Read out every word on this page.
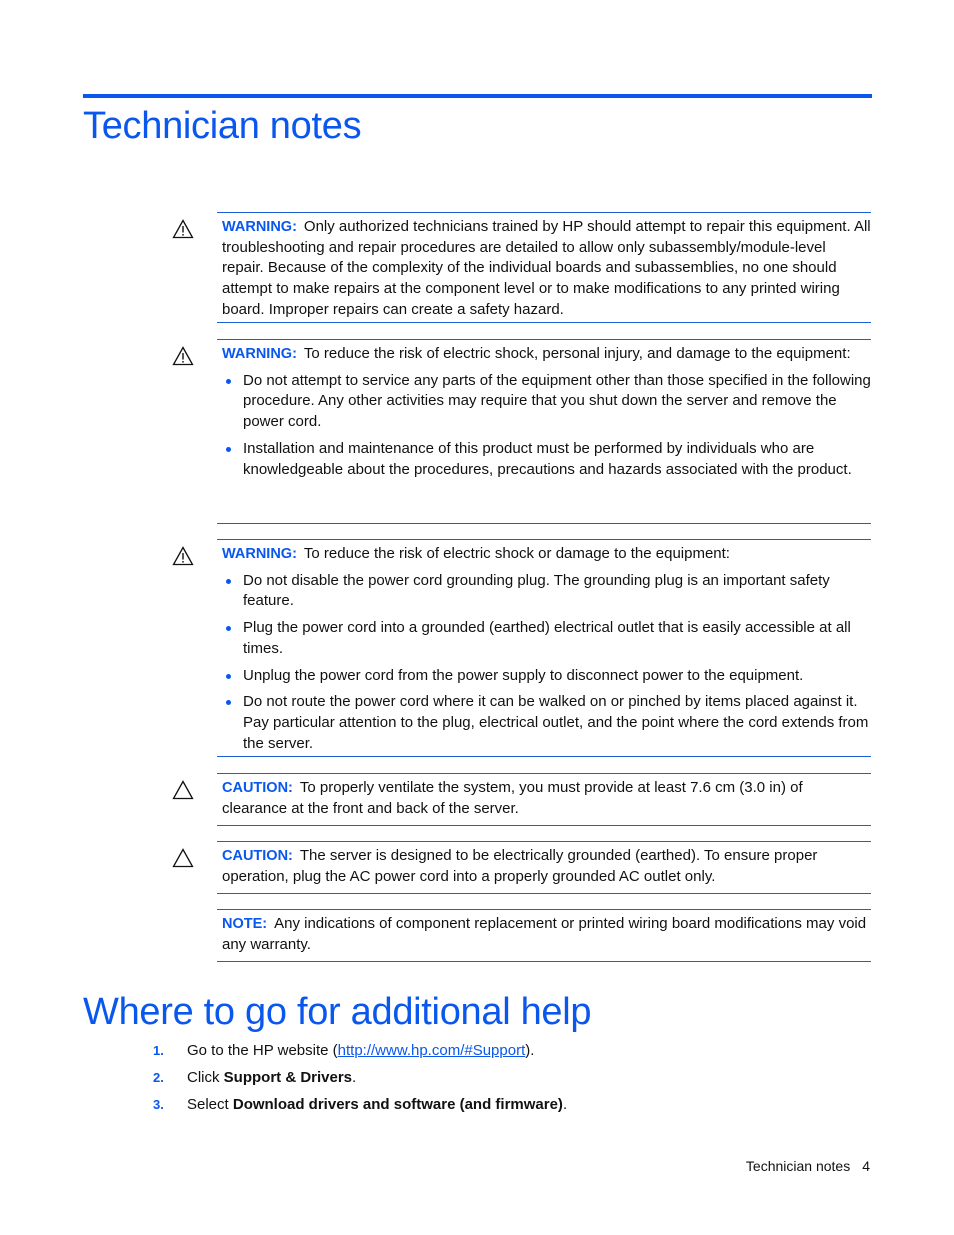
Technician notes

WARNING: Only authorized technicians trained by HP should attempt to repair this equipment. All troubleshooting and repair procedures are detailed to allow only subassembly/module-level repair. Because of the complexity of the individual boards and subassemblies, no one should attempt to make repairs at the component level or to make modifications to any printed wiring board. Improper repairs can create a safety hazard.

WARNING: To reduce the risk of electric shock, personal injury, and damage to the equipment:

Do not attempt to service any parts of the equipment other than those specified in the following procedure. Any other activities may require that you shut down the server and remove the power cord.
Installation and maintenance of this product must be performed by individuals who are knowledgeable about the procedures, precautions and hazards associated with the product.

WARNING: To reduce the risk of electric shock or damage to the equipment:

Do not disable the power cord grounding plug. The grounding plug is an important safety feature.
Plug the power cord into a grounded (earthed) electrical outlet that is easily accessible at all times.
Unplug the power cord from the power supply to disconnect power to the equipment.
Do not route the power cord where it can be walked on or pinched by items placed against it. Pay particular attention to the plug, electrical outlet, and the point where the cord extends from the server.

CAUTION: To properly ventilate the system, you must provide at least 7.6 cm (3.0 in) of clearance at the front and back of the server.

CAUTION: The server is designed to be electrically grounded (earthed). To ensure proper operation, plug the AC power cord into a properly grounded AC outlet only.

NOTE: Any indications of component replacement or printed wiring board modifications may void any warranty.

Where to go for additional help
1. Go to the HP website (http://www.hp.com/#Support).
2. Click Support & Drivers.
3. Select Download drivers and software (and firmware).
Technician notes 4
